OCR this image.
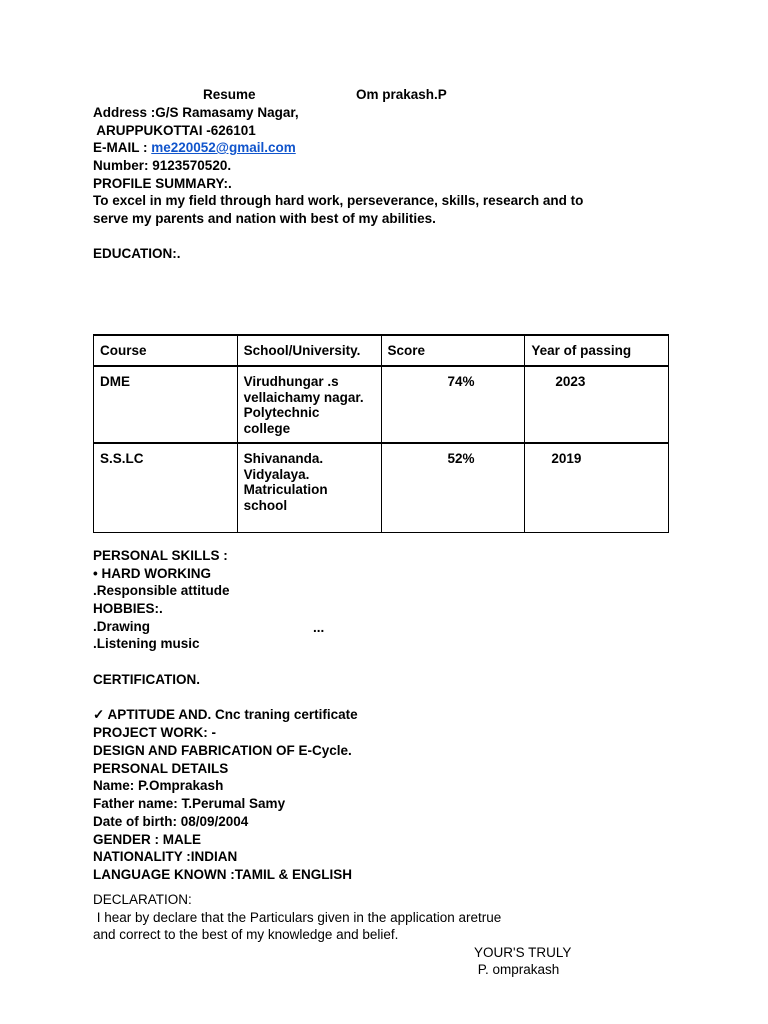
Resume	Om prakash.P
Address :G/S Ramasamy Nagar,
ARUPPUKOTTAI -626101
E-MAIL : me220052@gmail.com
Number: 9123570520.
PROFILE SUMMARY:.
To excel in my field through hard work, perseverance, skills, research and to
serve my parents and nation with best of my abilities.
EDUCATION:.
Course	School/University.	Score	Year of passing
DME	Virudhungar .s
vellaichamy nagar.
Polytechnic
college	74%	2023
S.S.LC	Shivananda.
Vidyalaya.
Matriculation
school	52%	2019
PERSONAL SKILLS :
• HARD WORKING
.Responsible attitude
HOBBIES:.
.Drawing	...
.Listening music
CERTIFICATION.
✓ APTITUDE AND. Cnc traning certificate
PROJECT WORK: -
DESIGN AND FABRICATION OF E-Cycle.
PERSONAL DETAILS
Name: P.Omprakash
Father name: T.Perumal Samy
Date of birth: 08/09/2004
GENDER : MALE
NATIONALITY :INDIAN
LANGUAGE KNOWN :TAMIL & ENGLISH
DECLARATION:
I hear by declare that the Particulars given in the application aretrue
and correct to the best of my knowledge and belief.
YOUR'S TRULY
P. omprakash
